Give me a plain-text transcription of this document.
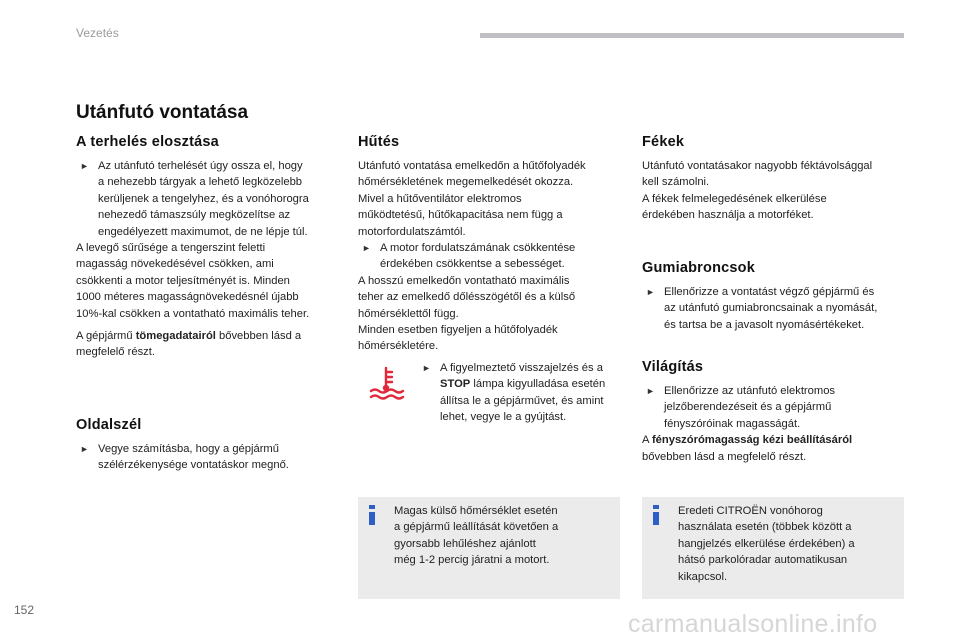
Vezetés
Utánfutó vontatása
A terhelés elosztása
► Az utánfutó terhelését úgy ossza el, hogy
a nehezebb tárgyak a lehető legközelebb
kerüljenek a tengelyhez, és a vonóhorogra
nehezedő támaszsúly megközelítse az
engedélyezett maximumot, de ne lépje túl.
A levegő sűrűsége a tengerszint feletti
magasság növekedésével csökken, ami
csökkenti a motor teljesítményét is. Minden
1000 méteres magasságnövekedésnél újabb
10%-kal csökken a vontatható maximális teher.
A gépjármű tömegadatairól bővebben lásd a
megfelelő részt.
Oldalszél
► Vegye számításba, hogy a gépjármű
szélérzékenysége vontatáskor megnő.
Hűtés
Utánfutó vontatása emelkedőn a hűtőfolyadék
hőmérsékletének megemelkedését okozza.
Mivel a hűtőventilátor elektromos
működtetésű, hűtőkapacitása nem függ a
motorfordulatszámtól.
► A motor fordulatszámának csökkentése
érdekében csökkentse a sebességet.
A hosszú emelkedőn vontatható maximális
teher az emelkedő dőlésszögétől és a külső
hőmérséklettől függ.
Minden esetben figyeljen a hűtőfolyadék
hőmérsékletére.
► A figyelmeztető visszajelzés és a
STOP lámpa kigyulladása esetén
állítsa le a gépjárművet, és amint
lehet, vegye le a gyújtást.
Magas külső hőmérséklet esetén
a gépjármű leállítását követően a
gyorsabb lehűléshez ajánlott
még 1-2 percig járatni a motort.
Fékek
Utánfutó vontatásakor nagyobb féktávolsággal
kell számolni.
A fékek felmelegedésének elkerülése
érdekében használja a motorféket.
Gumiabroncsok
► Ellenőrizze a vontatást végző gépjármű és
az utánfutó gumiabroncsainak a nyomását,
és tartsa be a javasolt nyomásértékeket.
Világítás
► Ellenőrizze az utánfutó elektromos
jelzőberendezéseit és a gépjármű
fényszóróinak magasságát.
A fényszórómagasság kézi beállításáról
bővebben lásd a megfelelő részt.
Eredeti CITROËN vonóhorog
használata esetén (többek között a
hangjelzés elkerülése érdekében) a
hátsó parkolóradar automatikusan
kikapcsol.
152	carmanualsonline.info
